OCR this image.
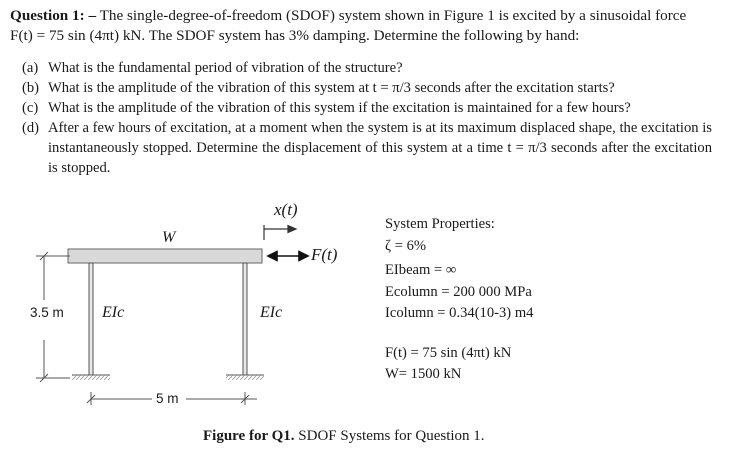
Question 1: – The single-degree-of-freedom (SDOF) system shown in Figure 1 is excited by a sinusoidal force
F(t) = 75 sin (4πt) kN. The SDOF system has 3% damping. Determine the following by hand:
(a) What is the fundamental period of vibration of the structure?
(b) What is the amplitude of the vibration of this system at t = π/3 seconds after the excitation starts?
(c) What is the amplitude of the vibration of this system if the excitation is maintained for a few hours?
(d) After a few hours of excitation, at a moment when the system is at its maximum displaced shape, the excitation is instantaneously stopped. Determine the displacement of this system at a time t = π/3 seconds after the excitation is stopped.
x(t)
F(t)
W
3.5 m
5 m
EIc	EIc
System Properties:
ζ = 6%
EIbeam = ∞
Ecolumn = 200 000 MPa
Icolumn = 0.34(10-3) m4
F(t) = 75 sin (4πt) kN
W= 1500 kN
Figure for Q1. SDOF Systems for Question 1.
